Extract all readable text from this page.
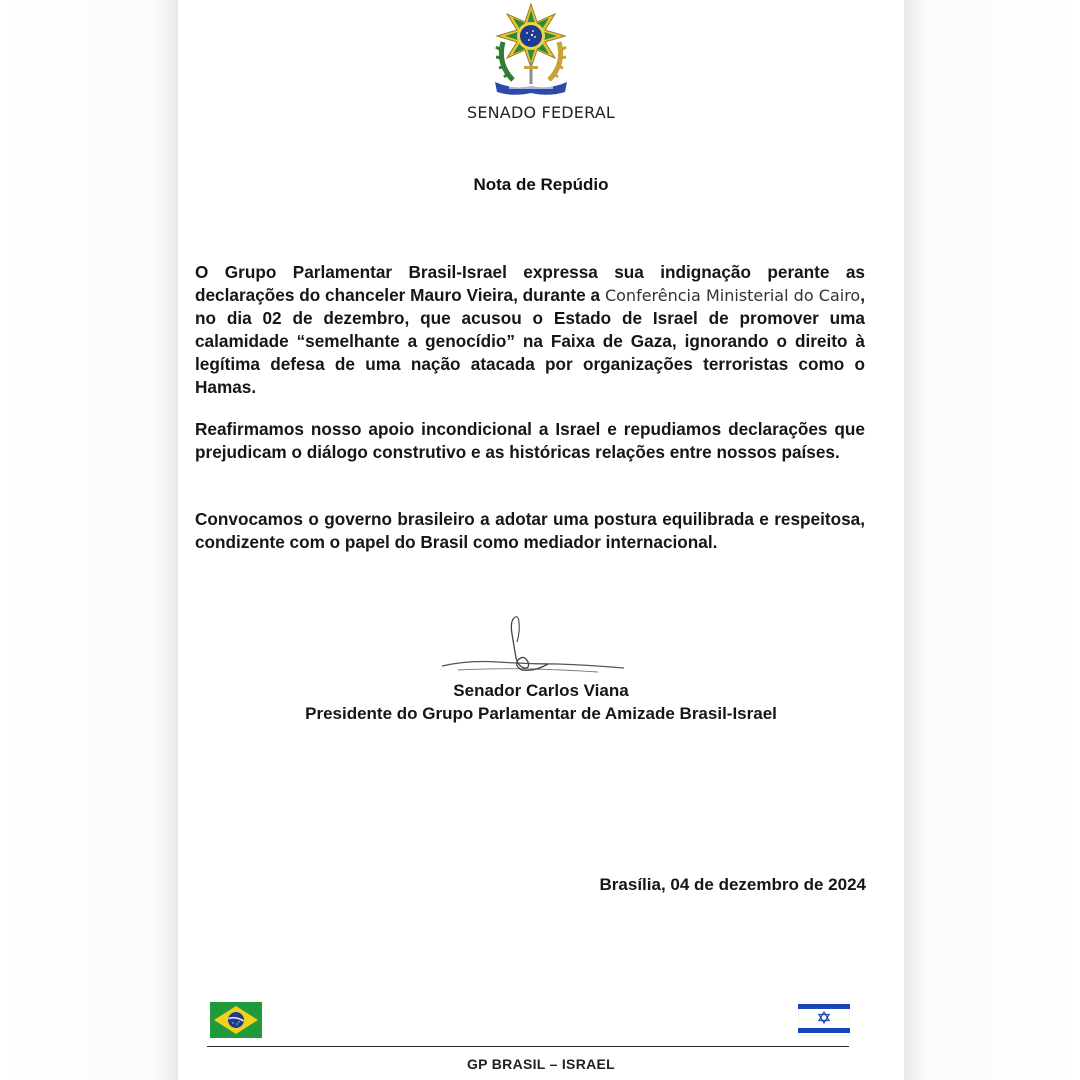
SENADO FEDERAL
Nota de Repúdio

O Grupo Parlamentar Brasil-Israel expressa sua indignação perante as declarações do chanceler Mauro Vieira, durante a Conferência Ministerial do Cairo, no dia 02 de dezembro, que acusou o Estado de Israel de promover uma calamidade “semelhante a genocídio” na Faixa de Gaza, ignorando o direito à legítima defesa de uma nação atacada por organizações terroristas como o Hamas.

Reafirmamos nosso apoio incondicional a Israel e repudiamos declarações que prejudicam o diálogo construtivo e as históricas relações entre nossos países.

Convocamos o governo brasileiro a adotar uma postura equilibrada e respeitosa, condizente com o papel do Brasil como mediador internacional.

Senador Carlos Viana
Presidente do Grupo Parlamentar de Amizade Brasil-Israel
Brasília, 04 de dezembro de 2024
GP BRASIL – ISRAEL
